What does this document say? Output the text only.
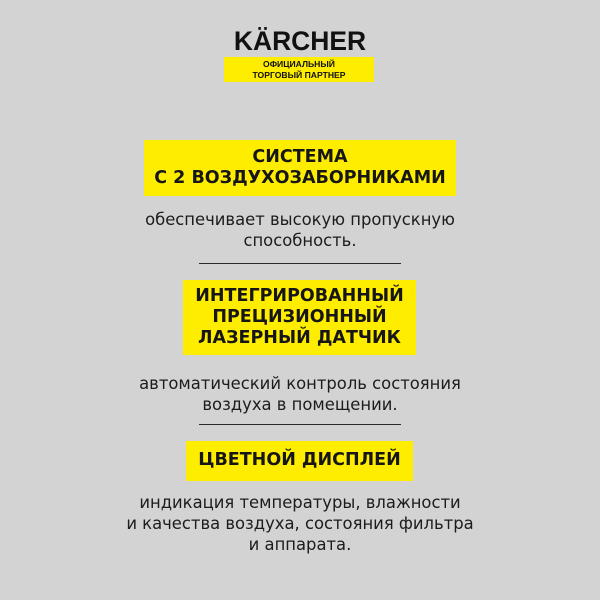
KÄRCHER
ОФИЦИАЛЬНЫЙ
ТОРГОВЫЙ ПАРТНЕР
СИСТЕМА
С 2 ВОЗДУХОЗАБОРНИКАМИ
обеспечивает высокую пропускную
способность.
ИНТЕГРИРОВАННЫЙ
ПРЕЦИЗИОННЫЙ
ЛАЗЕРНЫЙ ДАТЧИК
автоматический контроль состояния
воздуха в помещении.
ЦВЕТНОЙ ДИСПЛЕЙ
индикация температуры, влажности
и качества воздуха, состояния фильтра
и аппарата.
